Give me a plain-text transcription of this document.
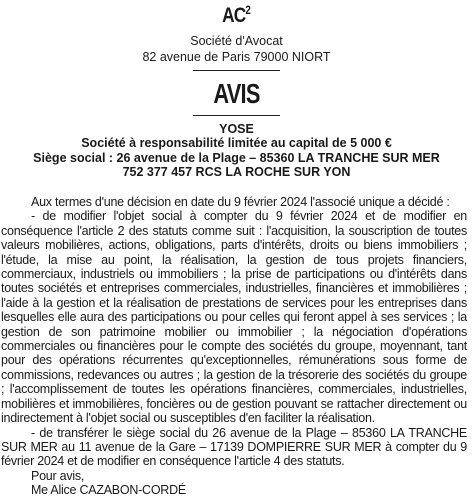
$AC^2$
Société d'Avocat
82 avenue de Paris 79000 NIORT
AVIS
YOSE
Société à responsabilité limitée au capital de 5 000 €
Siège social : 26 avenue de la Plage – 85360 LA TRANCHE SUR MER
752 377 457 RCS LA ROCHE SUR YON

Aux termes d'une décision en date du 9 février 2024 l'associé unique a décidé :

- de modifier l'objet social à compter du 9 février 2024 et de modifier en conséquence l'article 2 des statuts comme suit : l'acquisition, la souscription de toutes valeurs mobilières, actions, obligations, parts d'intérêts, droits ou biens immobiliers ; l'étude, la mise au point, la réalisation, la gestion de tous projets financiers, commerciaux, industriels ou immobiliers ; la prise de participations ou d'intérêts dans toutes sociétés et entreprises commerciales, industrielles, financières et immobilières ; l'aide à la gestion et la réalisation de prestations de services pour les entreprises dans lesquelles elle aura des participations ou pour celles qui feront appel à ses services ; la gestion de son patrimoine mobilier ou immobilier ; la négociation d'opérations commerciales ou financières pour le compte des sociétés du groupe, moyennant, tant pour des opérations récurrentes qu'exceptionnelles, rémunérations sous forme de commissions, redevances ou autres ; la gestion de la trésorerie des sociétés du groupe ; l'accomplissement de toutes les opérations financières, commerciales, industrielles, mobilières et immobilières, foncières ou de gestion pouvant se rattacher directement ou indirectement à l'objet social ou susceptibles d'en faciliter la réalisation.

- de transférer le siège social du 26 avenue de la Plage – 85360 LA TRANCHE SUR MER au 11 avenue de la Gare – 17139 DOMPIERRE SUR MER à compter du 9 février 2024 et de modifier en conséquence l'article 4 des statuts.

Pour avis,

Me Alice CAZABON-CORDÉ
